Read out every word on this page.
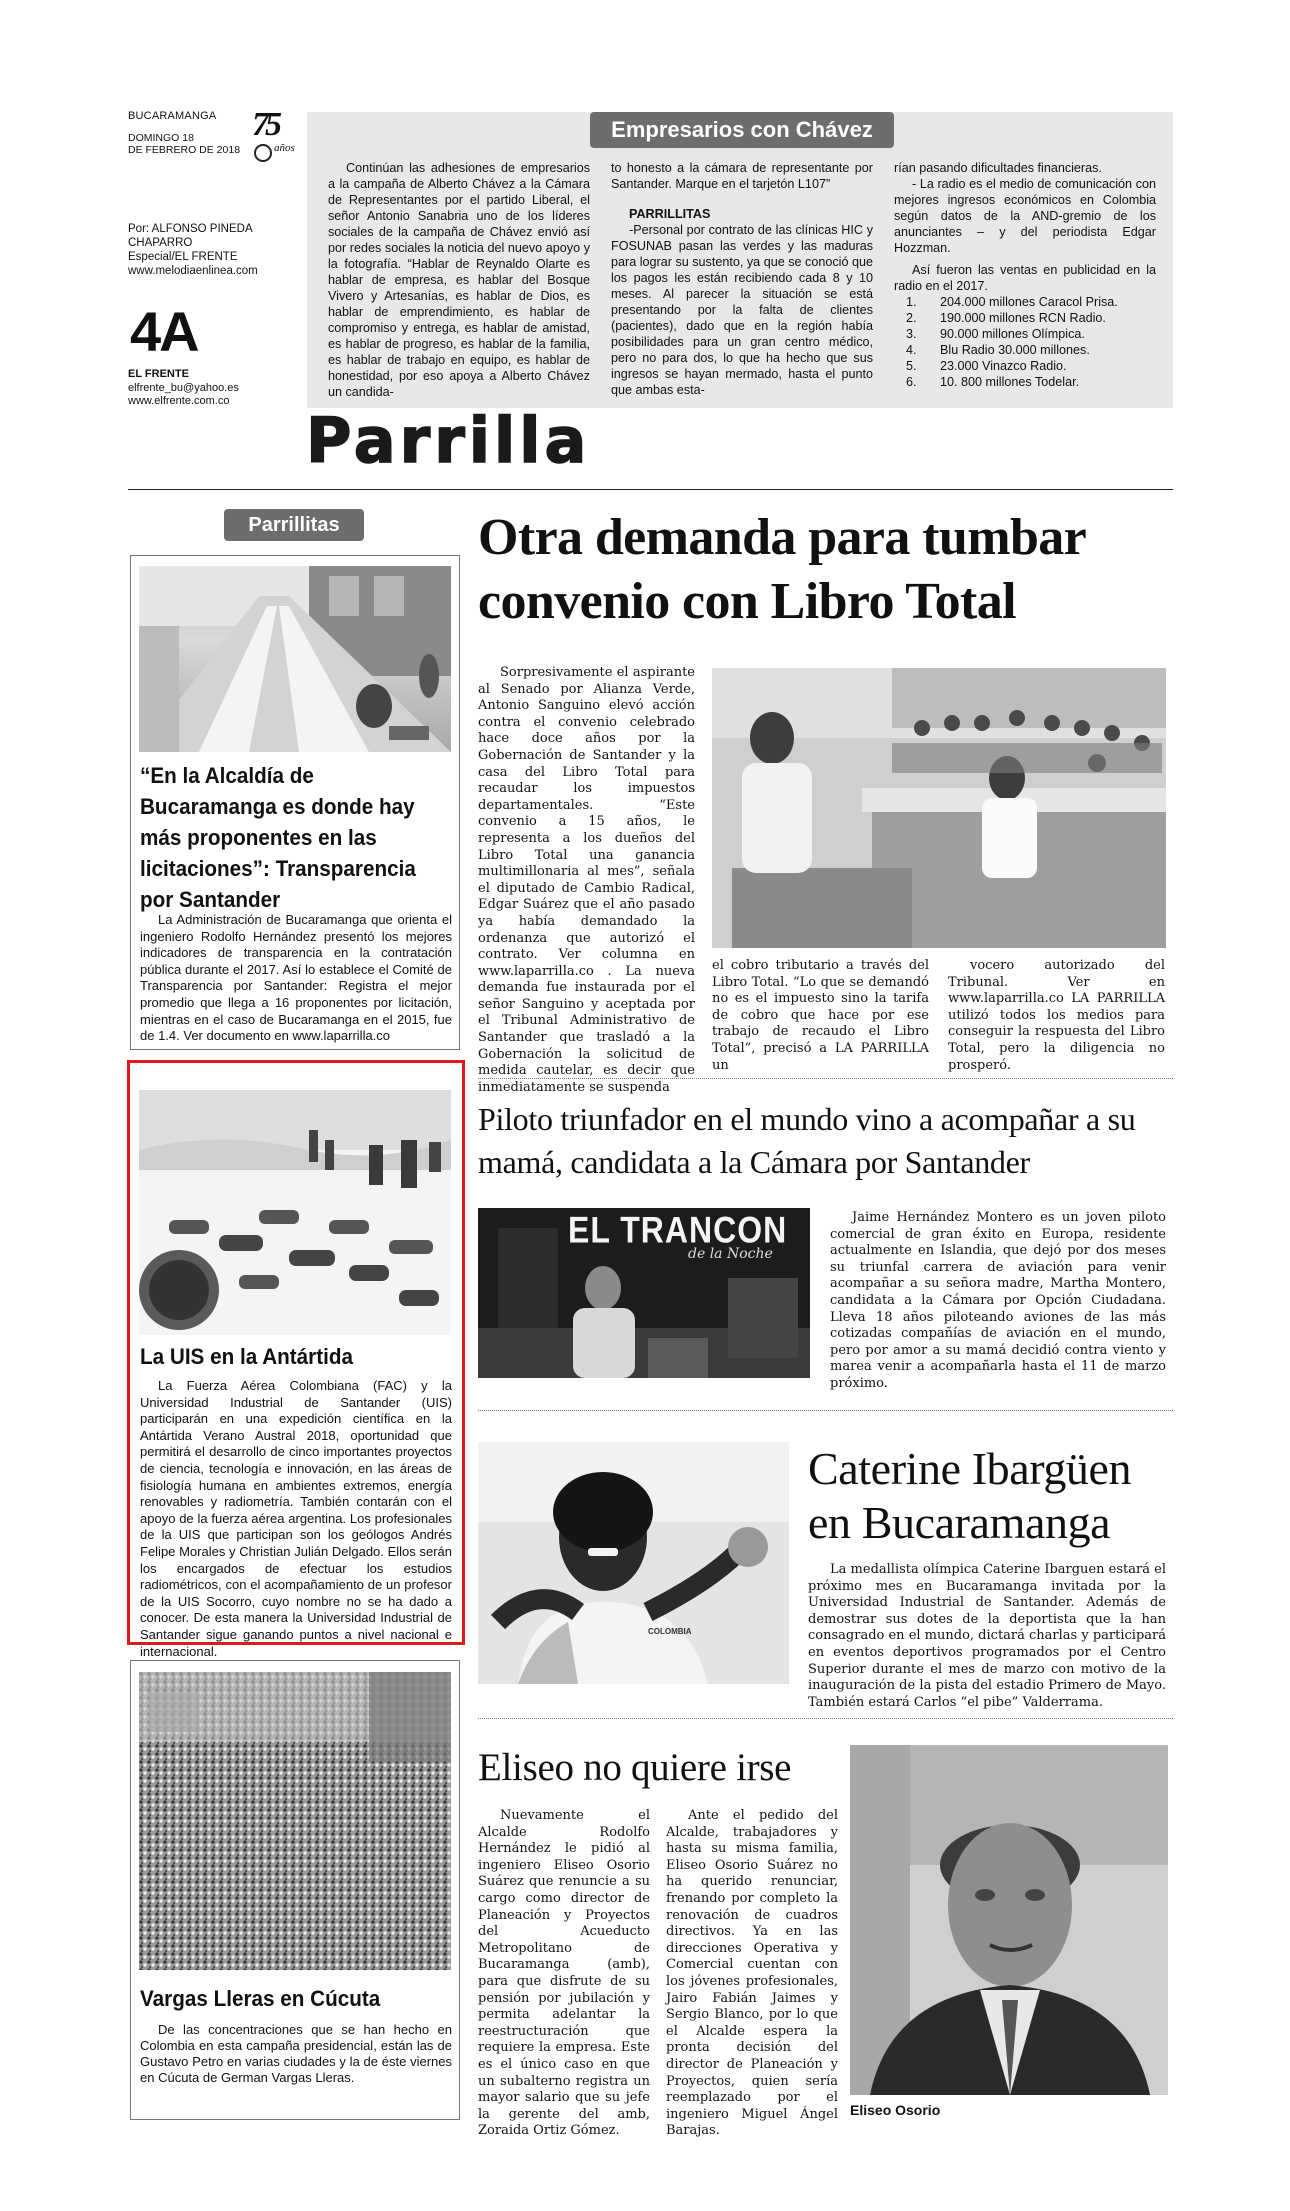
BUCARAMANGA
DOMINGO 18
DE FEBRERO DE 2018
75
años
Por: ALFONSO PINEDA
CHAPARRO
Especial/EL FRENTE
www.melodiaenlinea.com
4A
EL FRENTE
elfrente_bu@yahoo.es
www.elfrente.com.co
Empresarios con Chávez
Continúan las adhesiones de empresarios a la campaña de Alberto Chávez a la Cámara de Representantes por el partido Liberal, el señor Antonio Sanabria uno de los líderes sociales de la campaña de Chávez envió así por redes sociales la noticia del nuevo apoyo y la fotografía. “Hablar de Reynaldo Olarte es hablar de empresa, es hablar del Bosque Vivero y Artesanías, es hablar de Dios, es hablar de emprendimiento, es hablar de compromiso y entrega, es hablar de amistad, es hablar de progreso, es hablar de la familia, es hablar de trabajo en equipo, es hablar de honestidad, por eso apoya a Alberto Chávez un candida-
to honesto a la cámara de representante por Santander. Marque en el tarjetón L107”
PARRILLITAS
-Personal por contrato de las clínicas HIC y FOSUNAB pasan las verdes y las maduras para lograr su sustento, ya que se conoció que los pagos les están recibiendo cada 8 y 10 meses. Al parecer la situación se está presentando por la falta de clientes (pacientes), dado que en la región había posibilidades para un gran centro médico, pero no para dos, lo que ha hecho que sus ingresos se hayan mermado, hasta el punto que ambas esta-
rían pasando dificultades financieras.
- La radio es el medio de comunicación con mejores ingresos económicos en Colombia según datos de la AND-gremio de los anunciantes – y del periodista Edgar Hozzman.
Así fueron las ventas en publicidad en la radio en el 2017.
1.	204.000 millones Caracol Prisa.
2.	190.000 millones RCN Radio.
3.	90.000 millones Olímpica.
4.	Blu Radio 30.000 millones.
5.	23.000 Vinazco Radio.
6.	10. 800 millones Todelar.
Parrilla
Parrillitas
“En la Alcaldía de Bucaramanga es donde hay más proponentes en las licitaciones”: Transparencia por Santander
La Administración de Bucaramanga que orienta el ingeniero Rodolfo Hernández presentó los mejores indicadores de transparencia en la contratación pública durante el 2017. Así lo establece el Comité de Transparencia por Santander: Registra el mejor promedio que llega a 16 proponentes por licitación, mientras en el caso de Bucaramanga en el 2015, fue de 1.4. Ver documento en www.laparrilla.co
La UIS en la Antártida
La Fuerza Aérea Colombiana (FAC) y la Universidad Industrial de Santander (UIS) participarán en una expedición científica en la Antártida Verano Austral 2018, oportunidad que permitirá el desarrollo de cinco importantes proyectos de ciencia, tecnología e innovación, en las áreas de fisiología humana en ambientes extremos, energía renovables y radiometría. También contarán con el apoyo de la fuerza aérea argentina. Los profesionales de la UIS que participan son los geólogos Andrés Felipe Morales y Christian Julián Delgado. Ellos serán los encargados de efectuar los estudios radiométricos, con el acompañamiento de un profesor de la UIS Socorro, cuyo nombre no se ha dado a conocer. De esta manera la Universidad Industrial de Santander sigue ganando puntos a nivel nacional e internacional.
Vargas Lleras en Cúcuta
De las concentraciones que se han hecho en Colombia en esta campaña presidencial, están las de Gustavo Petro en varias ciudades y la de éste viernes en Cúcuta de German Vargas Lleras.
Otra demanda para tumbar convenio con Libro Total
Sorpresivamente el aspirante al Senado por Alianza Verde, Antonio Sanguino elevó acción contra el convenio celebrado hace doce años por la Gobernación de Santander y la casa del Libro Total para recaudar los impuestos departamentales. “Este convenio a 15 años, le representa a los dueños del Libro Total una ganancia multimillonaria al mes”, señala el diputado de Cambio Radical, Edgar Suárez que el año pasado ya había demandado la ordenanza que autorizó el contrato. Ver columna en www.laparrilla.co . La nueva demanda fue instaurada por el señor Sanguino y aceptada por el Tribunal Administrativo de Santander que trasladó a la Gobernación la solicitud de medida cautelar, es decir que inmediatamente se suspenda
el cobro tributario a través del Libro Total. “Lo que se demandó no es el impuesto sino la tarifa de cobro que hace por ese trabajo de recaudo el Libro Total”, precisó a LA PARRILLA un
vocero autorizado del Tribunal. Ver en www.laparrilla.co LA PARRILLA utilizó todos los medios para conseguir la respuesta del Libro Total, pero la diligencia no prosperó.
Piloto triunfador en el mundo vino a acompañar a su mamá, candidata a la Cámara por Santander
EL TRANCON
de la Noche
Jaime Hernández Montero es un joven piloto comercial de gran éxito en Europa, residente actualmente en Islandia, que dejó por dos meses su triunfal carrera de aviación para venir acompañar a su señora madre, Martha Montero, candidata a la Cámara por Opción Ciudadana. Lleva 18 años piloteando aviones de las más cotizadas compañías de aviación en el mundo, pero por amor a su mamá decidió contra viento y marea venir a acompañarla hasta el 11 de marzo próximo.
COLOMBIA
Caterine Ibargüen en Bucaramanga
La medallista olímpica Caterine Ibarguen estará el próximo mes en Bucaramanga invitada por la Universidad Industrial de Santander. Además de demostrar sus dotes de la deportista que la han consagrado en el mundo, dictará charlas y participará en eventos deportivos programados por el Centro Superior durante el mes de marzo con motivo de la inauguración de la pista del estadio Primero de Mayo. También estará Carlos “el pibe” Valderrama.
Eliseo no quiere irse
Nuevamente el Alcalde Rodolfo Hernández le pidió al ingeniero Eliseo Osorio Suárez que renuncie a su cargo como director de Planeación y Proyectos del Acueducto Metropolitano de Bucaramanga (amb), para que disfrute de su pensión por jubilación y permita adelantar la reestructuración que requiere la empresa. Este es el único caso en que un subalterno registra un mayor salario que su jefe la gerente del amb, Zoraida Ortiz Gómez.
Ante el pedido del Alcalde, trabajadores y hasta su misma familia, Eliseo Osorio Suárez no ha querido renunciar, frenando por completo la renovación de cuadros directivos. Ya en las direcciones Operativa y Comercial cuentan con los jóvenes profesionales, Jairo Fabián Jaimes y Sergio Blanco, por lo que el Alcalde espera la pronta decisión del director de Planeación y Proyectos, quien sería reemplazado por el ingeniero Miguel Ángel Barajas.
Eliseo Osorio
